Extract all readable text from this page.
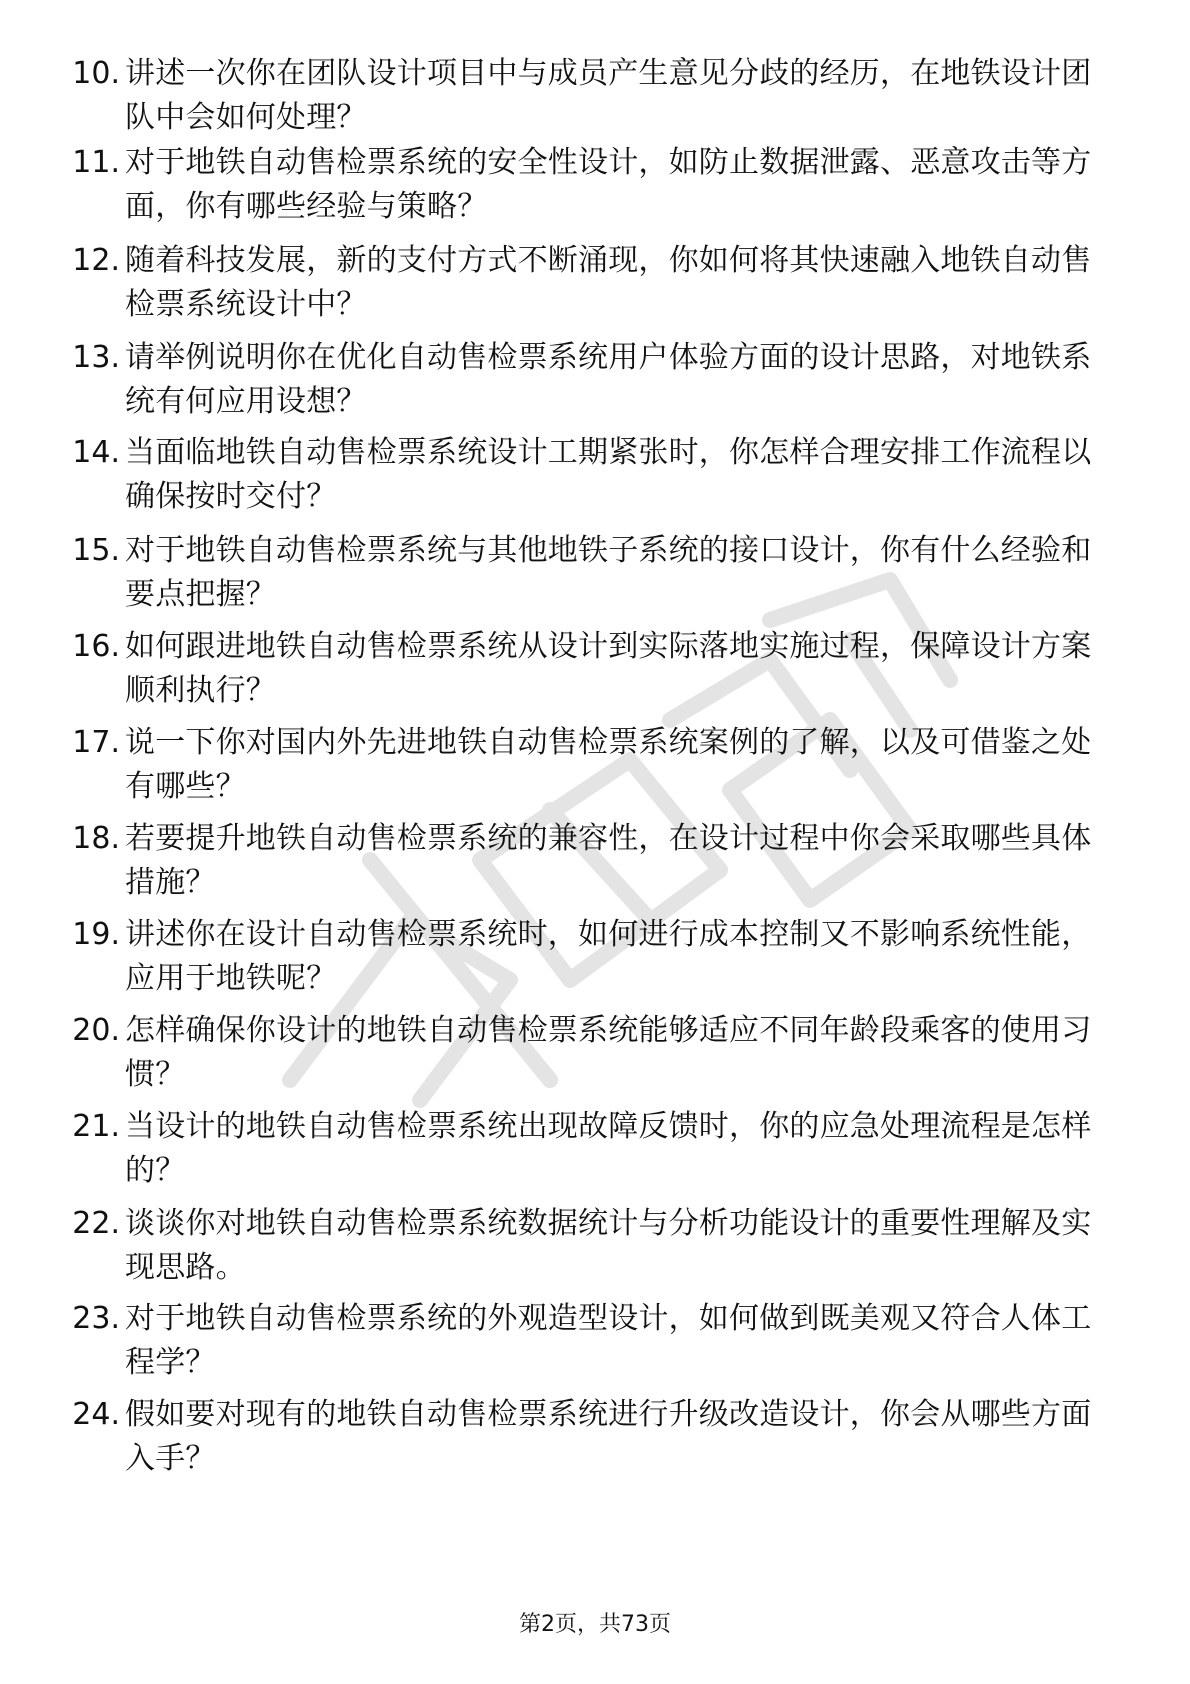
10. 讲述一次你在团队设计项目中与成员产生意见分歧的经历，在地铁设计团队中会如何处理？
11. 对于地铁自动售检票系统的安全性设计，如防止数据泄露、恶意攻击等方面，你有哪些经验与策略？
12. 随着科技发展，新的支付方式不断涌现，你如何将其快速融入地铁自动售检票系统设计中？
13. 请举例说明你在优化自动售检票系统用户体验方面的设计思路，对地铁系统有何应用设想？
14. 当面临地铁自动售检票系统设计工期紧张时，你怎样合理安排工作流程以确保按时交付？
15. 对于地铁自动售检票系统与其他地铁子系统的接口设计，你有什么经验和要点把握？
16. 如何跟进地铁自动售检票系统从设计到实际落地实施过程，保障设计方案顺利执行？
17. 说一下你对国内外先进地铁自动售检票系统案例的了解，以及可借鉴之处有哪些？
18. 若要提升地铁自动售检票系统的兼容性，在设计过程中你会采取哪些具体措施？
19. 讲述你在设计自动售检票系统时，如何进行成本控制又不影响系统性能，应用于地铁呢？
20. 怎样确保你设计的地铁自动售检票系统能够适应不同年龄段乘客的使用习惯？
21. 当设计的地铁自动售检票系统出现故障反馈时，你的应急处理流程是怎样的？
22. 谈谈你对地铁自动售检票系统数据统计与分析功能设计的重要性理解及实现思路。
23. 对于地铁自动售检票系统的外观造型设计，如何做到既美观又符合人体工程学？
24. 假如要对现有的地铁自动售检票系统进行升级改造设计，你会从哪些方面入手？
第2页，共73页
